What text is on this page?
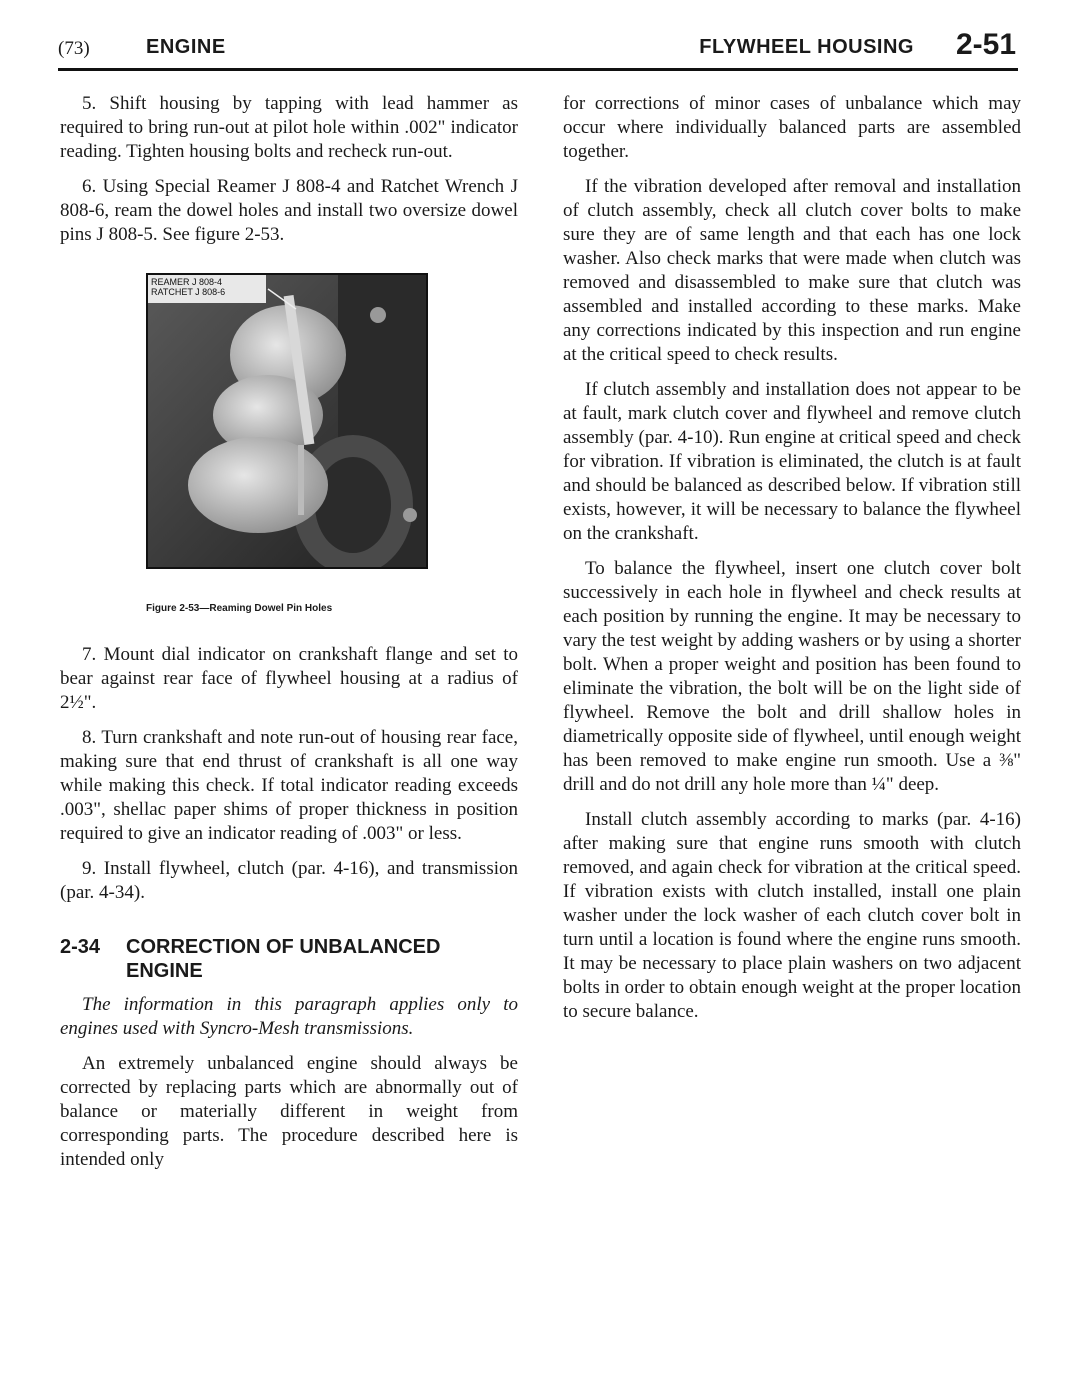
(73)	ENGINE	FLYWHEEL HOUSING 2-51

5. Shift housing by tapping with lead hammer as required to bring run-out at pilot hole within .002" indicator reading. Tighten housing bolts and recheck run-out.

6. Using Special Reamer J 808-4 and Ratchet Wrench J 808-6, ream the dowel holes and install two oversize dowel pins J 808-5. See figure 2-53.

REAMER J 808-4
RATCHET J 808-6
Figure 2-53—Reaming Dowel Pin Holes

7. Mount dial indicator on crankshaft flange and set to bear against rear face of flywheel housing at a radius of 2½".

8. Turn crankshaft and note run-out of housing rear face, making sure that end thrust of crankshaft is all one way while making this check. If total indicator reading exceeds .003", shellac paper shims of proper thickness in position required to give an indicator reading of .003" or less.

9. Install flywheel, clutch (par. 4-16), and transmission (par. 4-34).

2-34 CORRECTION OF UNBALANCED
ENGINE

The information in this paragraph applies only to engines used with Syncro-Mesh transmissions.

An extremely unbalanced engine should always be corrected by replacing parts which are abnormally out of balance or materially different in weight from corresponding parts. The procedure described here is intended only

for corrections of minor cases of unbalance which may occur where individually balanced parts are assembled together.

If the vibration developed after removal and installation of clutch assembly, check all clutch cover bolts to make sure they are of same length and that each has one lock washer. Also check marks that were made when clutch was removed and disassembled to make sure that clutch was assembled and installed according to these marks. Make any corrections indicated by this inspection and run engine at the critical speed to check results.

If clutch assembly and installation does not appear to be at fault, mark clutch cover and flywheel and remove clutch assembly (par. 4-10). Run engine at critical speed and check for vibration. If vibration is eliminated, the clutch is at fault and should be balanced as described below. If vibration still exists, however, it will be necessary to balance the flywheel on the crankshaft.

To balance the flywheel, insert one clutch cover bolt successively in each hole in flywheel and check results at each position by running the engine. It may be necessary to vary the test weight by adding washers or by using a shorter bolt. When a proper weight and position has been found to eliminate the vibration, the bolt will be on the light side of flywheel. Remove the bolt and drill shallow holes in diametrically opposite side of flywheel, until enough weight has been removed to make engine run smooth. Use a ⅜" drill and do not drill any hole more than ¼" deep.

Install clutch assembly according to marks (par. 4-16) after making sure that engine runs smooth with clutch removed, and again check for vibration at the critical speed. If vibration exists with clutch installed, install one plain washer under the lock washer of each clutch cover bolt in turn until a location is found where the engine runs smooth. It may be necessary to place plain washers on two adjacent bolts in order to obtain enough weight at the proper location to secure balance.
